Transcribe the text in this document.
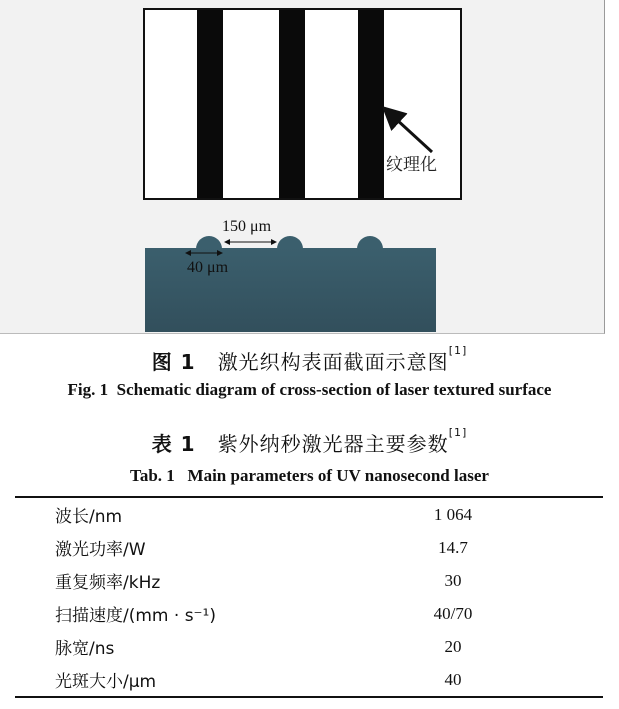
纹理化
150 μm
40 μm
图 1 激光织构表面截面示意图[1]
Fig. 1 Schematic diagram of cross-section of laser textured surface
表 1 紫外纳秒激光器主要参数[1]
Tab. 1 Main parameters of UV nanosecond laser
波长/nm	1 064
激光功率/W	14.7
重复频率/kHz	30
扫描速度/(mm · s⁻¹)	40/70
脉宽/ns	20
光斑大小/μm	40
